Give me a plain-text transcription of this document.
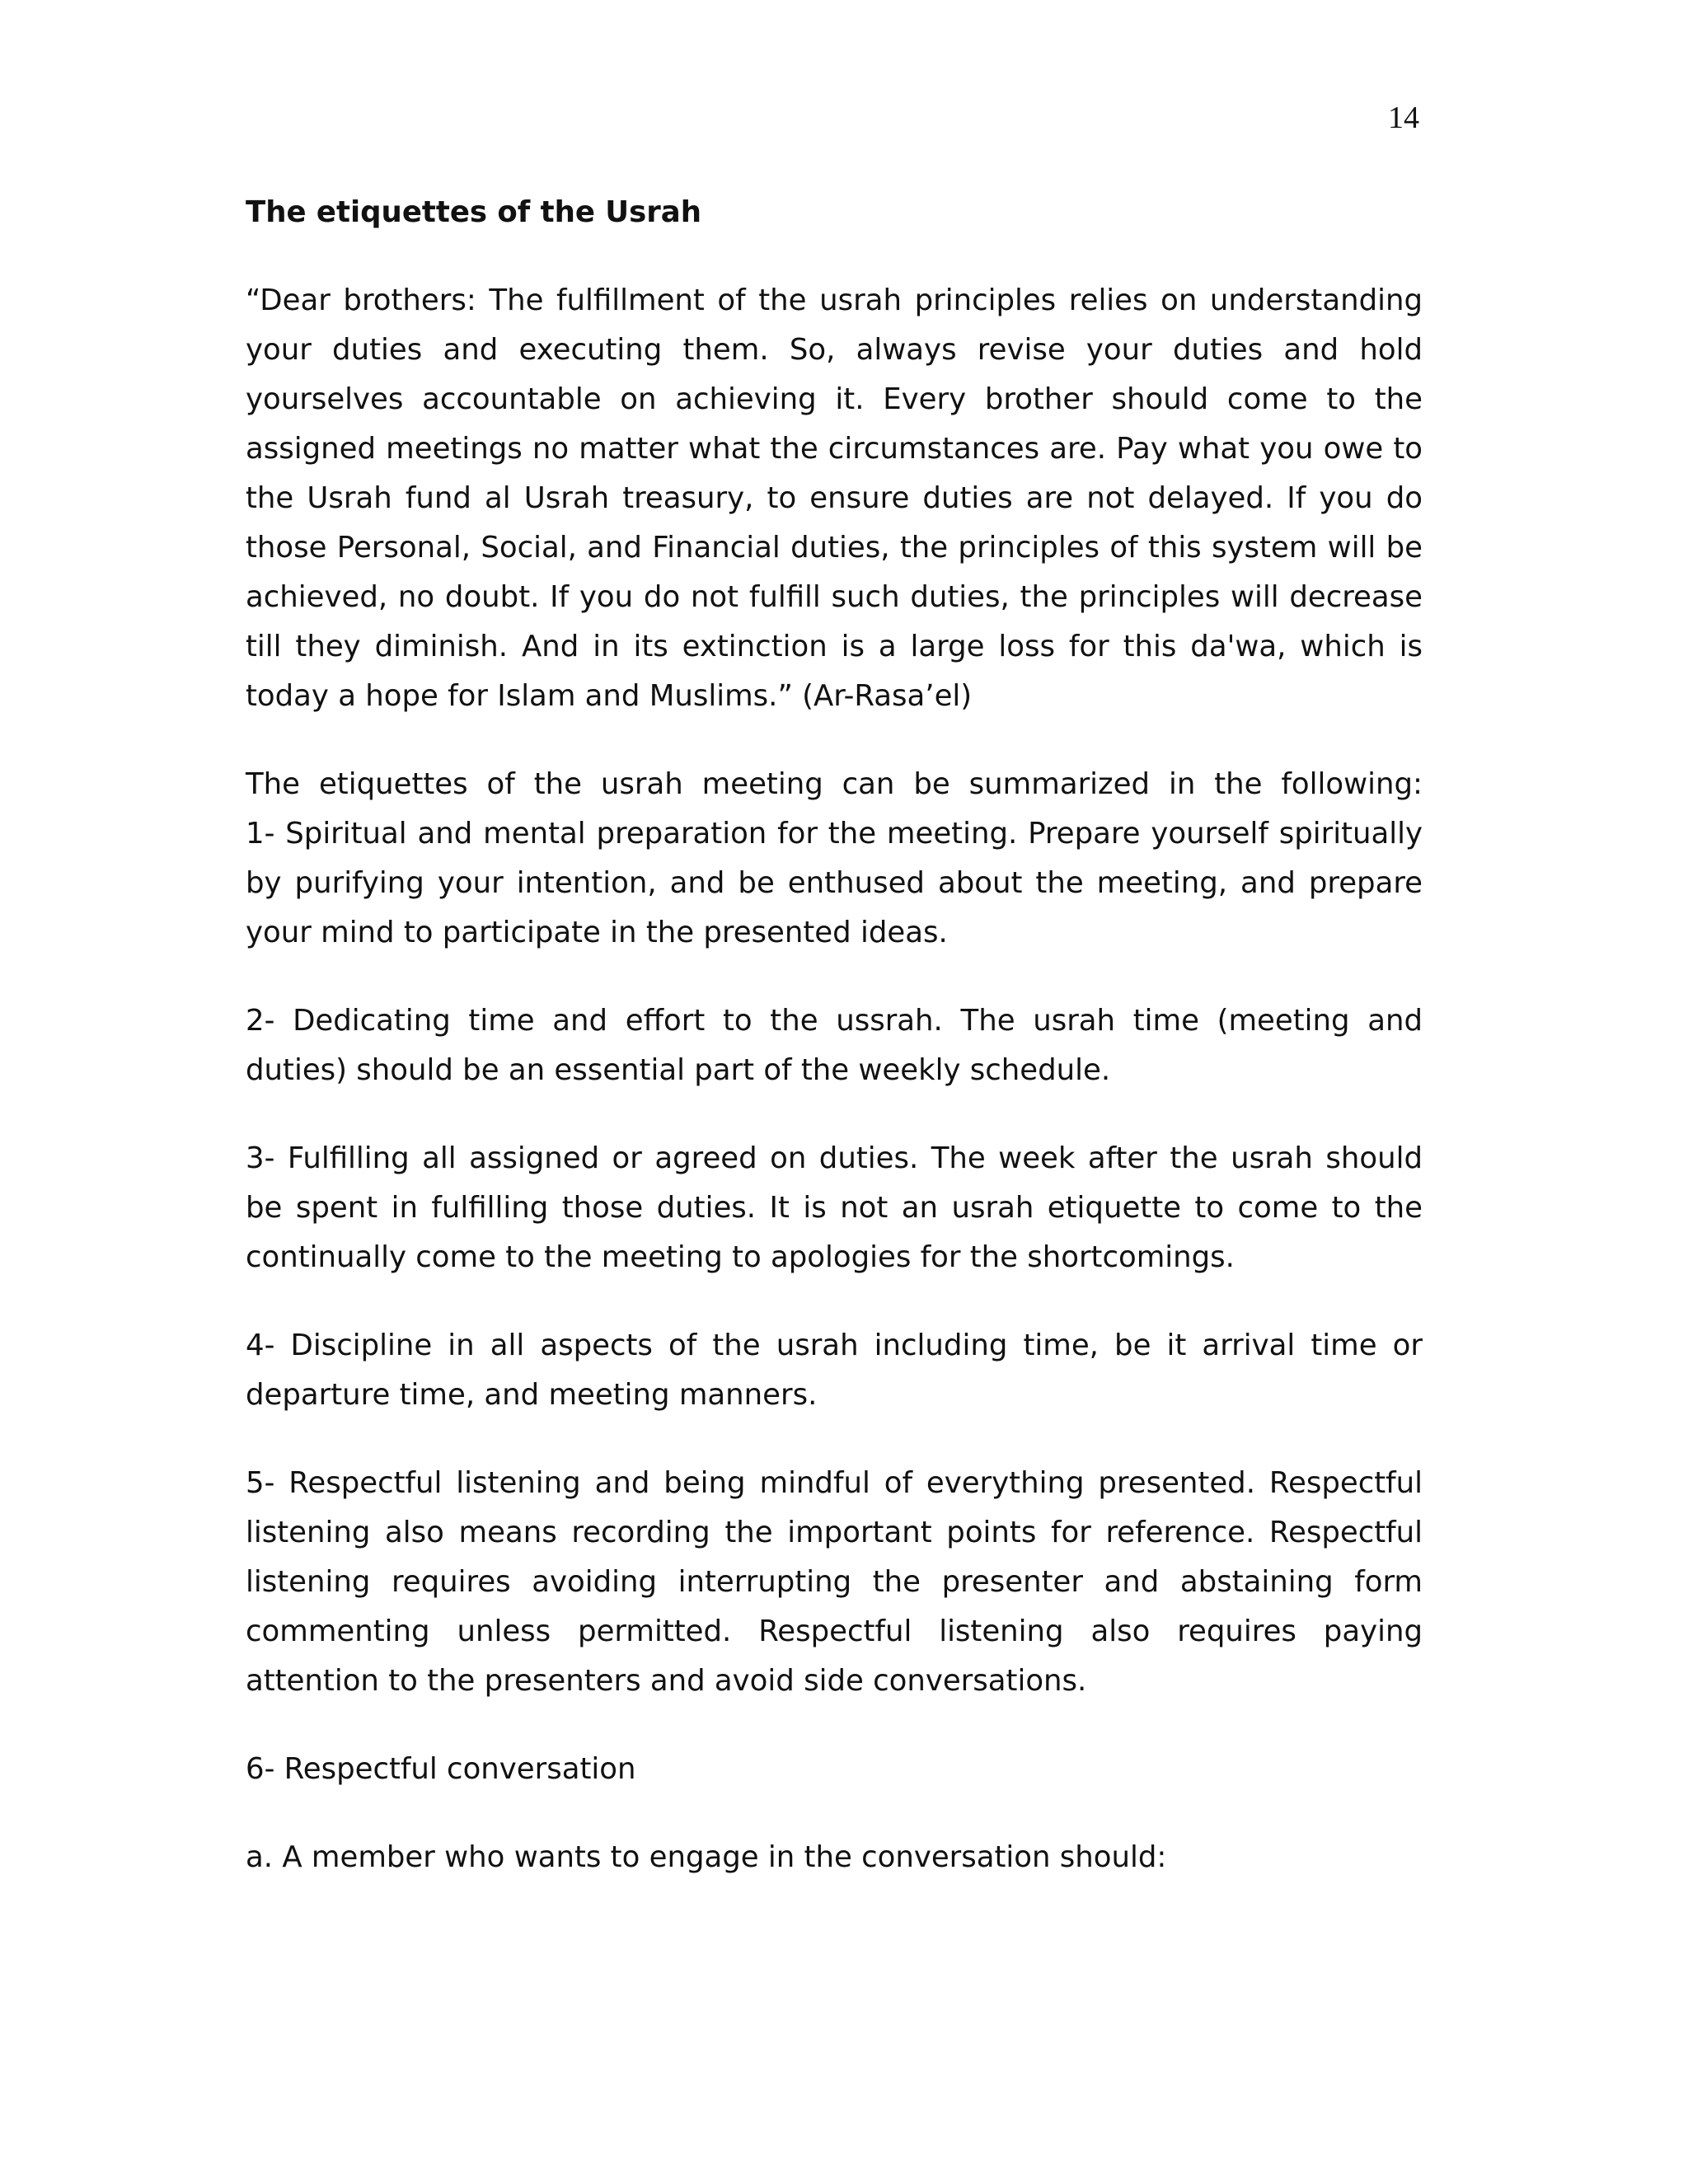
14

The etiquettes of the Usrah

“Dear brothers: The fulfillment of the usrah principles relies on understanding your duties and executing them. So, always revise your duties and hold yourselves accountable on achieving it. Every brother should come to the assigned meetings no matter what the circumstances are. Pay what you owe to the Usrah fund al Usrah treasury, to ensure duties are not delayed. If you do those Personal, Social, and Financial duties, the principles of this system will be achieved, no doubt. If you do not fulfill such duties, the principles will decrease till they diminish. And in its extinction is a large loss for this da'wa, which is today a hope for Islam and Muslims.” (Ar-Rasa’el)

The etiquettes of the usrah meeting can be summarized in the following:
1- Spiritual and mental preparation for the meeting. Prepare yourself spiritually by purifying your intention, and be enthused about the meeting, and prepare your mind to participate in the presented ideas.

2- Dedicating time and effort to the ussrah. The usrah time (meeting and duties) should be an essential part of the weekly schedule.

3- Fulfilling all assigned or agreed on duties. The week after the usrah should be spent in fulfilling those duties. It is not an usrah etiquette to come to the continually come to the meeting to apologies for the shortcomings.

4- Discipline in all aspects of the usrah including time, be it arrival time or departure time, and meeting manners.

5- Respectful listening and being mindful of everything presented. Respectful listening also means recording the important points for reference. Respectful listening requires avoiding interrupting the presenter and abstaining form commenting unless permitted. Respectful listening also requires paying attention to the presenters and avoid side conversations.

6- Respectful conversation

a. A member who wants to engage in the conversation should:
